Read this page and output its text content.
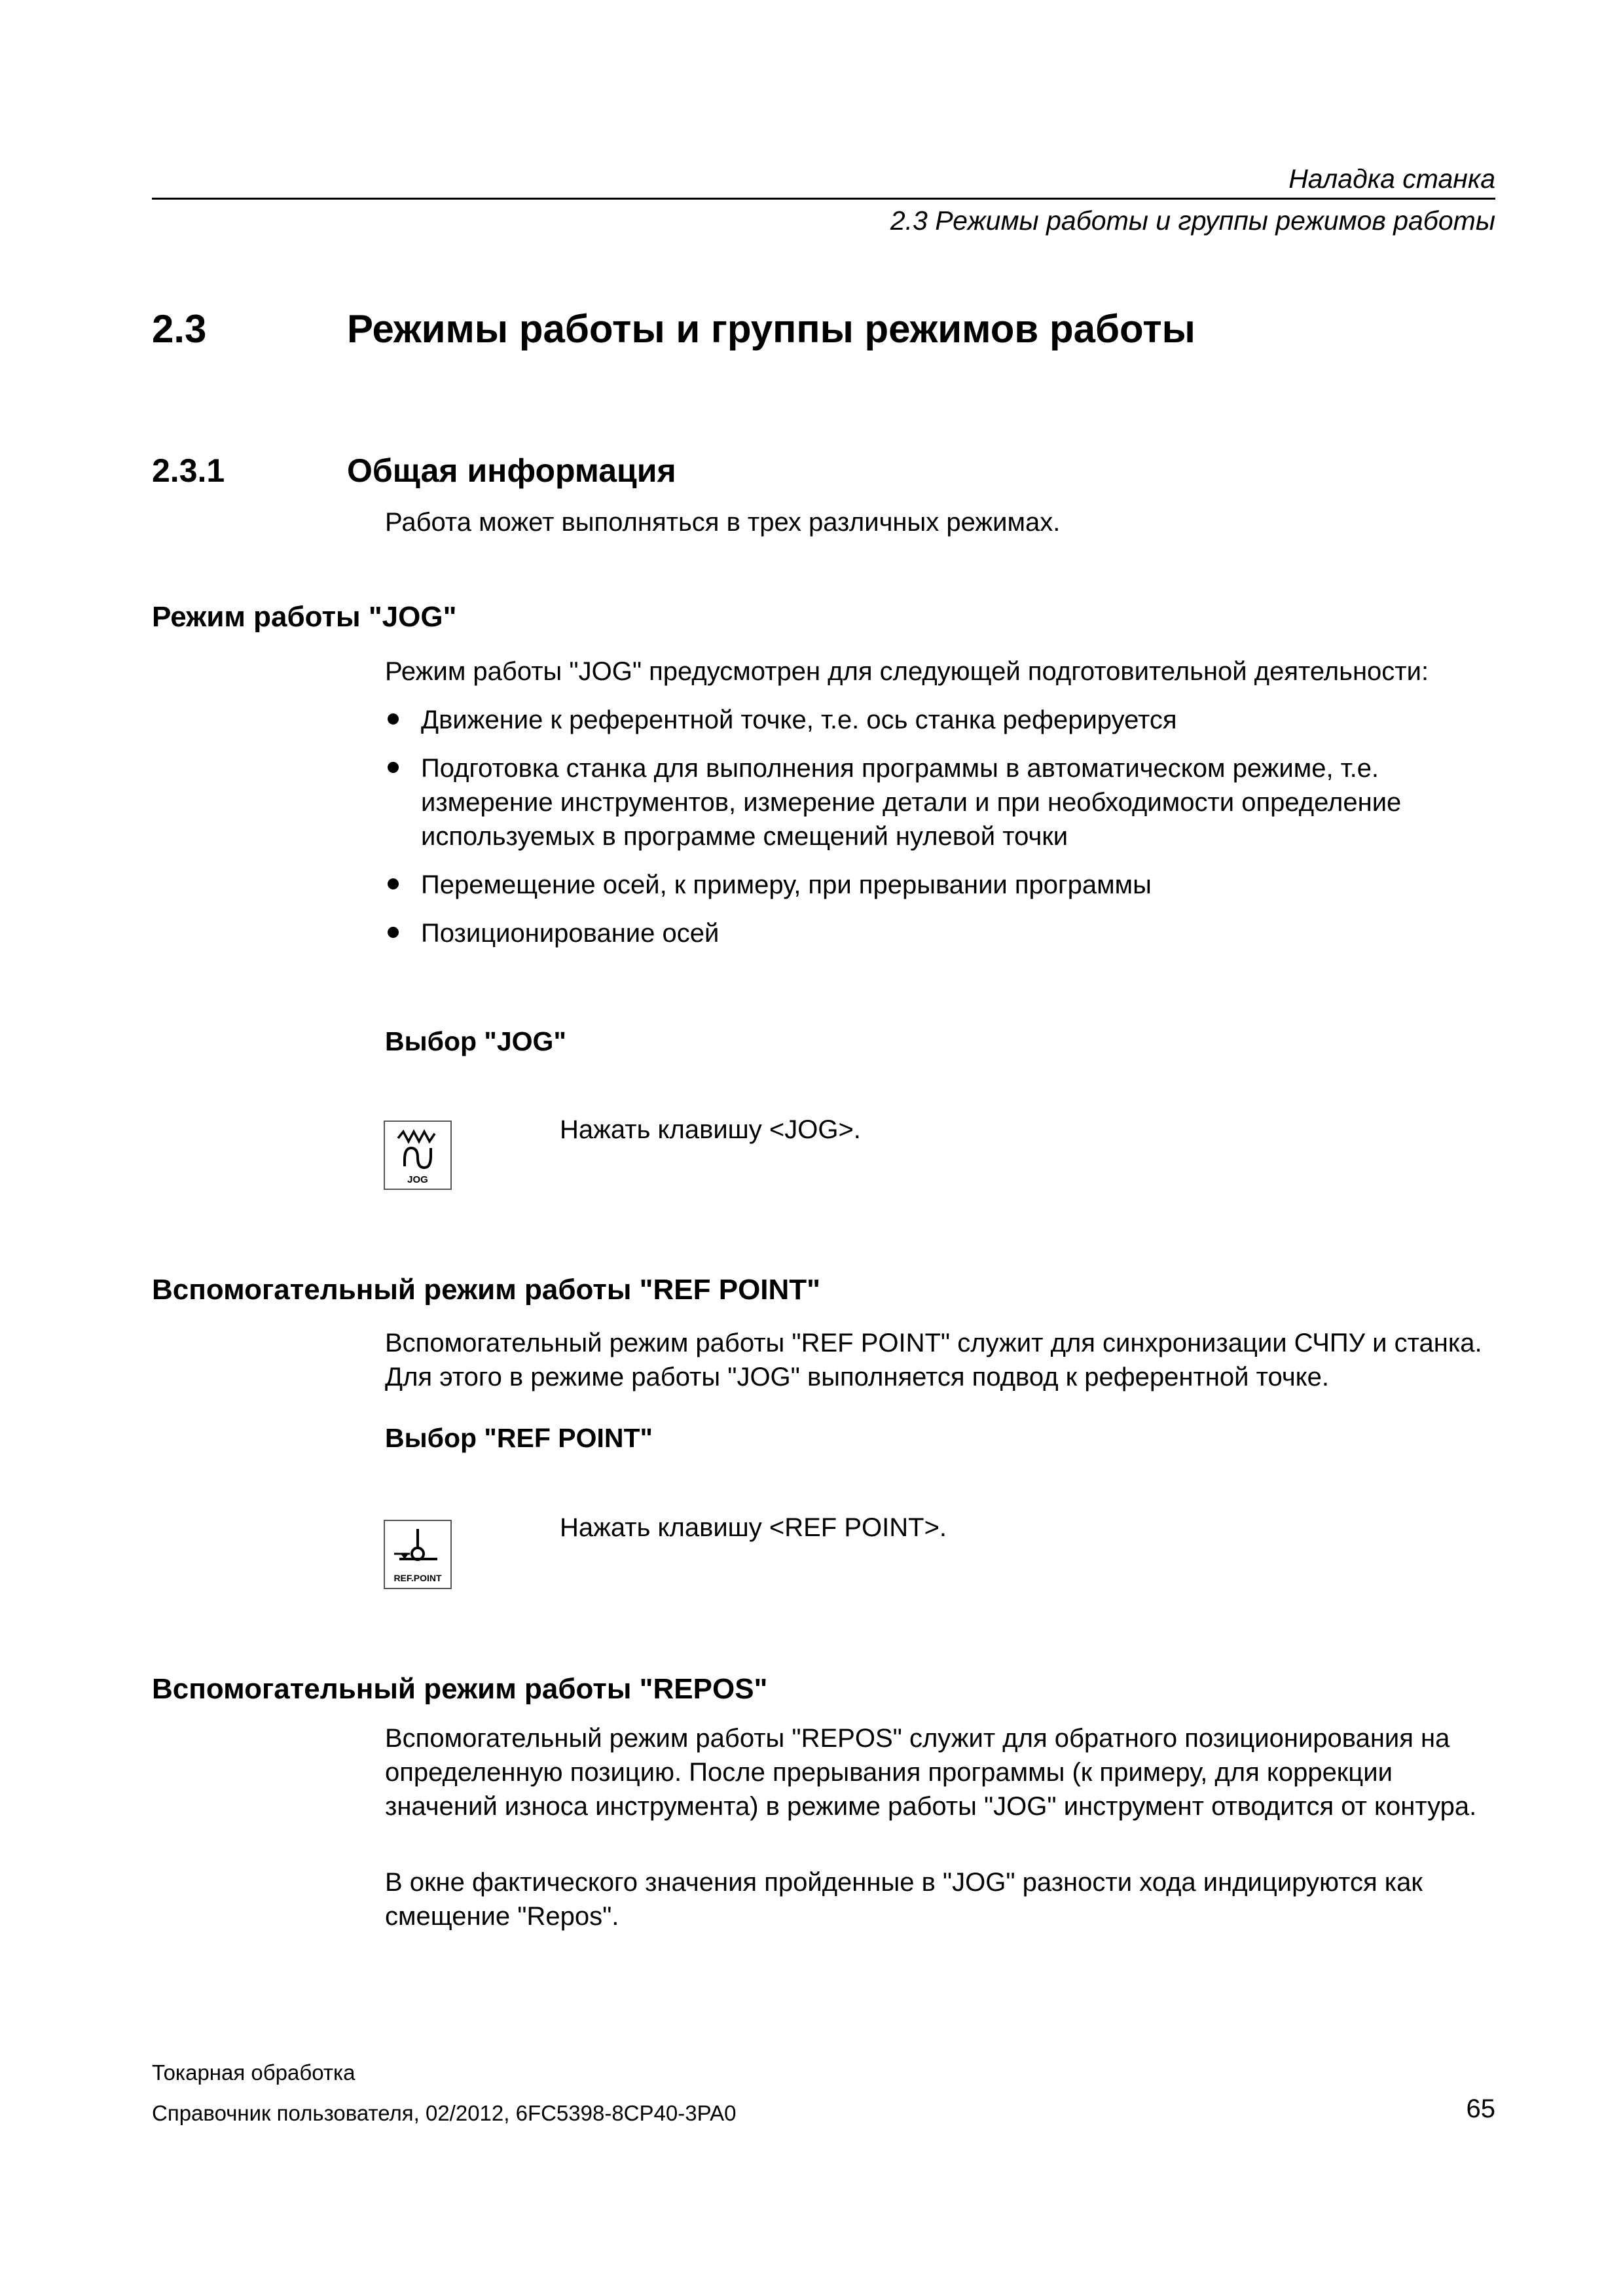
Наладка станка
2.3 Режимы работы и группы режимов работы
2.3	Режимы работы и группы режимов работы
2.3.1	Общая информация
Работа может выполняться в трех различных режимах.
Режим работы "JOG"
Режим работы "JOG" предусмотрен для следующей подготовительной деятельности:
Движение к референтной точке, т.е. ось станка реферируется
Подготовка станка для выполнения программы в автоматическом режиме, т.е. измерение инструментов, измерение детали и при необходимости определение используемых в программе смещений нулевой точки
Перемещение осей, к примеру, при прерывании программы
Позиционирование осей
Выбор "JOG"
JOG
Нажать клавишу <JOG>.
Вспомогательный режим работы "REF POINT"
Вспомогательный режим работы "REF POINT" служит для синхронизации СЧПУ и станка. Для этого в режиме работы "JOG" выполняется подвод к референтной точке.
Выбор "REF POINT"
REF.POINT
Нажать клавишу <REF POINT>.
Вспомогательный режим работы "REPOS"
Вспомогательный режим работы "REPOS" служит для обратного позиционирования на определенную позицию. После прерывания программы (к примеру, для коррекции значений износа инструмента) в режиме работы "JOG" инструмент отводится от контура.
В окне фактического значения пройденные в "JOG" разности хода индицируются как смещение "Repos".
Токарная обработка
Справочник пользователя, 02/2012, 6FC5398-8CP40-3PA0	65
